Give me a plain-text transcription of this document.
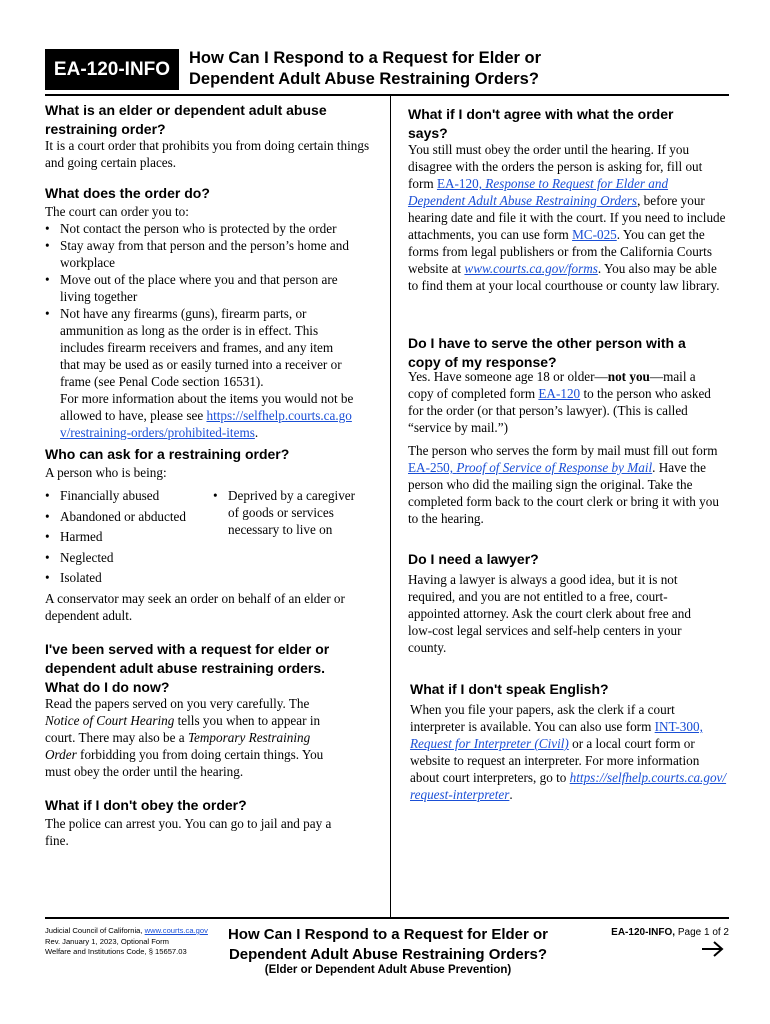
EA-120-INFO
How Can I Respond to a Request for Elder or
Dependent Adult Abuse Restraining Orders?
What is an elder or dependent adult abuse
restraining order?

It is a court order that prohibits you from doing certain things and going certain places.

What does the order do?

The court can order you to:

• Not contact the person who is protected by the order
• Stay away from that person and the person’s home and workplace
• Move out of the place where you and that person are living together
• Not have any firearms (guns), firearm parts, or ammunition as long as the order is in effect. This includes firearm receivers and frames, and any item that may be used as or easily turned into a receiver or frame (see Penal Code section 16531).
For more information about the items you would not be allowed to have, please see https://selfhelp.courts.ca.gov/restraining-orders/prohibited-items.
Who can ask for a restraining order?

A person who is being:

• Financially abused
• Abandoned or abducted
• Harmed
• Neglected
• Isolated
• Deprived by a caregiver of goods or services necessary to live on

A conservator may seek an order on behalf of an elder or dependent adult.

I've been served with a request for elder or
dependent adult abuse restraining orders.
What do I do now?

Read the papers served on you very carefully. The Notice of Court Hearing tells you when to appear in court. There may also be a Temporary Restraining Order forbidding you from doing certain things. You must obey the order until the hearing.

What if I don't obey the order?

The police can arrest you. You can go to jail and pay a fine.

What if I don't agree with what the order
says?

You still must obey the order until the hearing. If you disagree with the orders the person is asking for, fill out form EA-120, Response to Request for Elder and Dependent Adult Abuse Restraining Orders, before your hearing date and file it with the court. If you need to include attachments, you can use form MC-025. You can get the forms from legal publishers or from the California Courts website at www.courts.ca.gov/forms. You also may be able to find them at your local courthouse or county law library.

Do I have to serve the other person with a
copy of my response?

Yes. Have someone age 18 or older—not you—mail a copy of completed form EA-120 to the person who asked for the order (or that person’s lawyer). (This is called “service by mail.”)

The person who serves the form by mail must fill out form EA-250, Proof of Service of Response by Mail. Have the person who did the mailing sign the original. Take the completed form back to the court clerk or bring it with you to the hearing.

Do I need a lawyer?

Having a lawyer is always a good idea, but it is not required, and you are not entitled to a free, court-appointed attorney. Ask the court clerk about free and low-cost legal services and self-help centers in your county.

What if I don't speak English?

When you file your papers, ask the clerk if a court interpreter is available. You can also use form INT-300, Request for Interpreter (Civil) or a local court form or website to request an interpreter. For more information about court interpreters, go to https://selfhelp.courts.ca.gov/request-interpreter.

Judicial Council of California, www.courts.ca.gov
Rev. January 1, 2023, Optional Form
Welfare and Institutions Code, § 15657.03
How Can I Respond to a Request for Elder or
Dependent Adult Abuse Restraining Orders?
(Elder or Dependent Adult Abuse Prevention)
EA-120-INFO, Page 1 of 2
